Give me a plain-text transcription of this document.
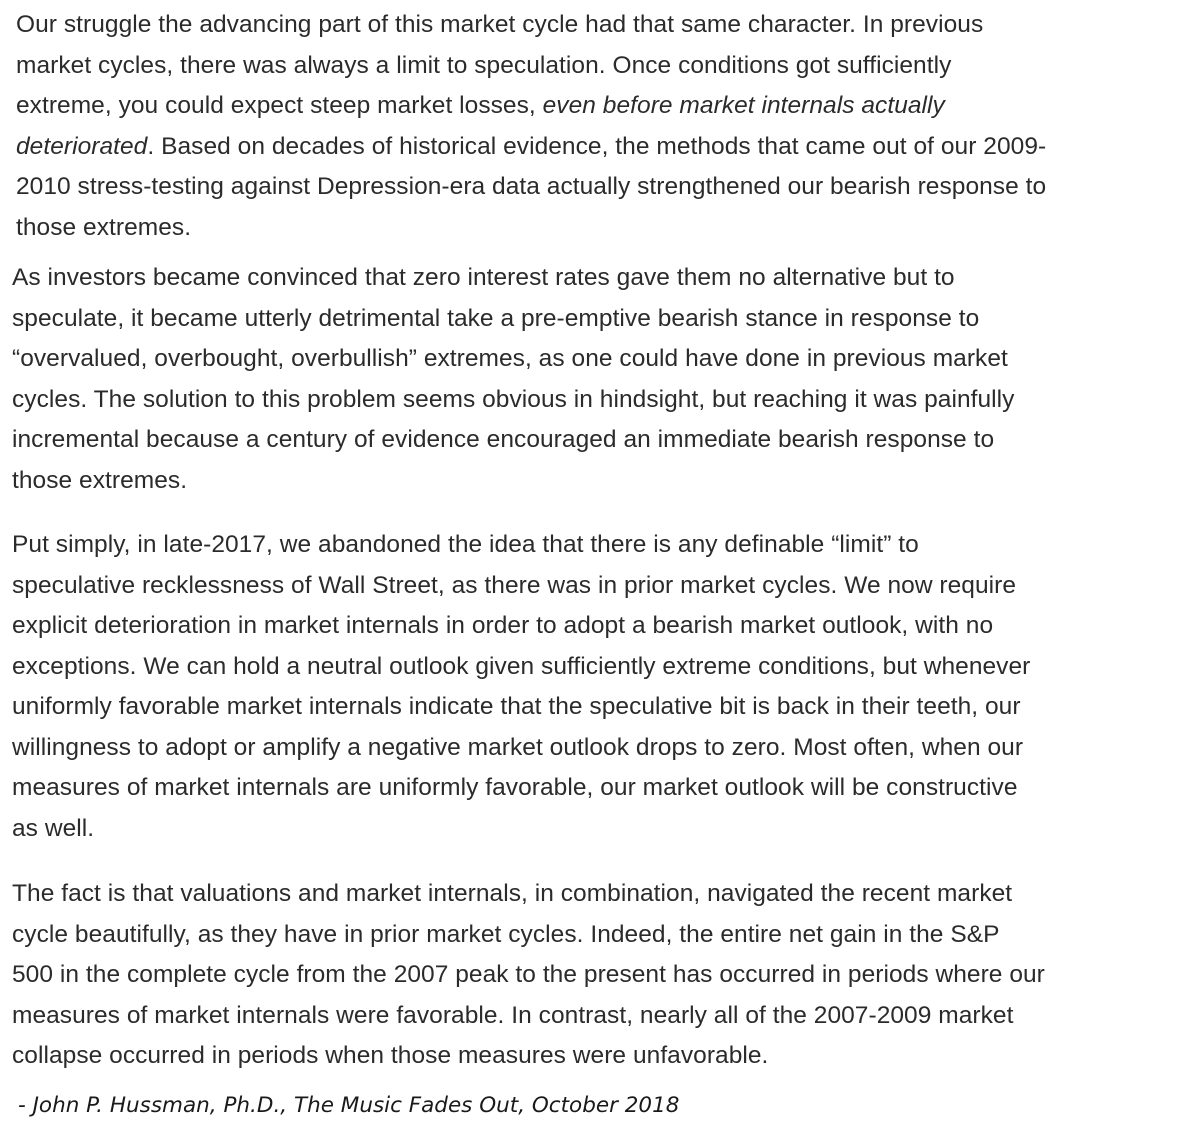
Our struggle the advancing part of this market cycle had that same character. In previous
market cycles, there was always a limit to speculation. Once conditions got sufficiently
extreme, you could expect steep market losses, even before market internals actually
deteriorated. Based on decades of historical evidence, the methods that came out of our 2009-
2010 stress-testing against Depression-era data actually strengthened our bearish response to
those extremes.
As investors became convinced that zero interest rates gave them no alternative but to
speculate, it became utterly detrimental take a pre-emptive bearish stance in response to
“overvalued, overbought, overbullish” extremes, as one could have done in previous market
cycles. The solution to this problem seems obvious in hindsight, but reaching it was painfully
incremental because a century of evidence encouraged an immediate bearish response to
those extremes.
Put simply, in late-2017, we abandoned the idea that there is any definable “limit” to
speculative recklessness of Wall Street, as there was in prior market cycles. We now require
explicit deterioration in market internals in order to adopt a bearish market outlook, with no
exceptions. We can hold a neutral outlook given sufficiently extreme conditions, but whenever
uniformly favorable market internals indicate that the speculative bit is back in their teeth, our
willingness to adopt or amplify a negative market outlook drops to zero. Most often, when our
measures of market internals are uniformly favorable, our market outlook will be constructive
as well.
The fact is that valuations and market internals, in combination, navigated the recent market
cycle beautifully, as they have in prior market cycles. Indeed, the entire net gain in the S&P
500 in the complete cycle from the 2007 peak to the present has occurred in periods where our
measures of market internals were favorable. In contrast, nearly all of the 2007-2009 market
collapse occurred in periods when those measures were unfavorable.

- John P. Hussman, Ph.D., The Music Fades Out, October 2018
